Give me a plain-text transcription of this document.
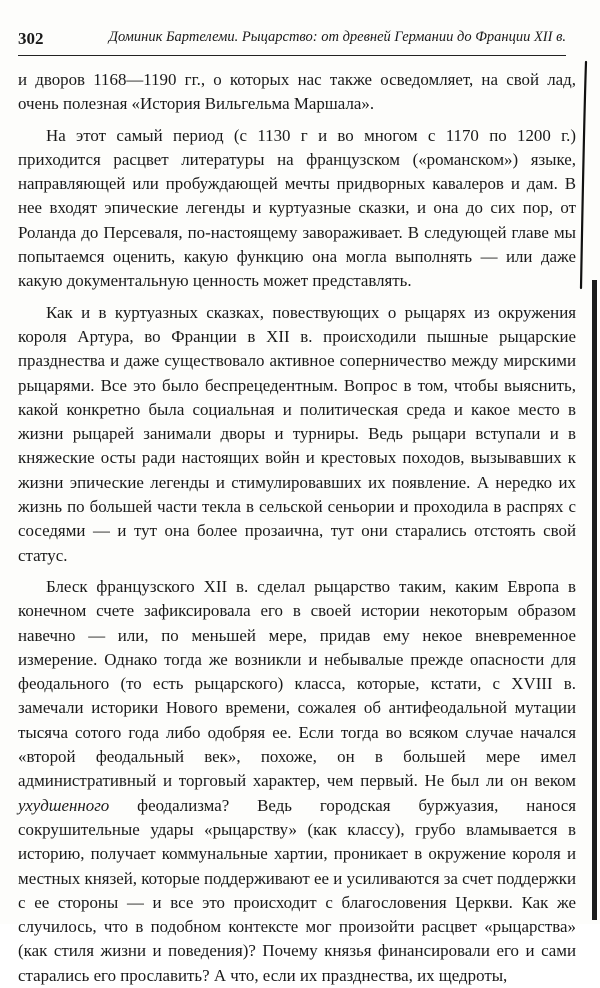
302	Доминик Бартелеми. Рыцарство: от древней Германии до Франции XII в.

и дворов 1168—1190 гг., о которых нас также осведомляет, на свой лад, очень полезная «История Вильгельма Маршала».

На этот самый период (с 1130 г и во многом с 1170 по 1200 г.) приходится расцвет литературы на французском («романском») языке, направляющей или пробуждающей мечты придворных кавалеров и дам. В нее входят эпические легенды и куртуазные сказки, и она до сих пор, от Роланда до Персеваля, по-настоящему завораживает. В следующей главе мы попытаемся оценить, какую функцию она могла выполнять — или даже какую документальную ценность может представлять.

Как и в куртуазных сказках, повествующих о рыцарях из окружения короля Артура, во Франции в XII в. происходили пышные рыцарские празднества и даже существовало активное соперничество между мирскими рыцарями. Все это было беспрецедентным. Вопрос в том, чтобы выяснить, какой конкретно была социальная и политическая среда и какое место в жизни рыцарей занимали дворы и турниры. Ведь рыцари вступали и в княжеские осты ради настоящих войн и крестовых походов, вызывавших к жизни эпические легенды и стимулировавших их появление. А нередко их жизнь по большей части текла в сельской сеньории и проходила в распрях с соседями — и тут она более прозаична, тут они старались отстоять свой статус.

Блеск французского XII в. сделал рыцарство таким, каким Европа в конечном счете зафиксировала его в своей истории некоторым образом навечно — или, по меньшей мере, придав ему некое вневременное измерение. Однако тогда же возникли и небывалые прежде опасности для феодального (то есть рыцарского) класса, которые, кстати, с XVIII в. замечали историки Нового времени, сожалея об антифеодальной мутации тысяча сотого года либо одобряя ее. Если тогда во всяком случае начался «второй феодальный век», похоже, он в большей мере имел административный и торговый характер, чем первый. Не был ли он веком ухудшенного феодализма? Ведь городская буржуазия, нанося сокрушительные удары «рыцарству» (как классу), грубо вламывается в историю, получает коммунальные хартии, проникает в окружение короля и местных князей, которые поддерживают ее и усиливаются за счет поддержки с ее стороны — и все это происходит с благословения Церкви. Как же случилось, что в подобном контексте мог произойти расцвет «рыцарства» (как стиля жизни и поведения)? Почему князья финансировали его и сами старались его прославить? А что, если их празднества, их щедроты,
